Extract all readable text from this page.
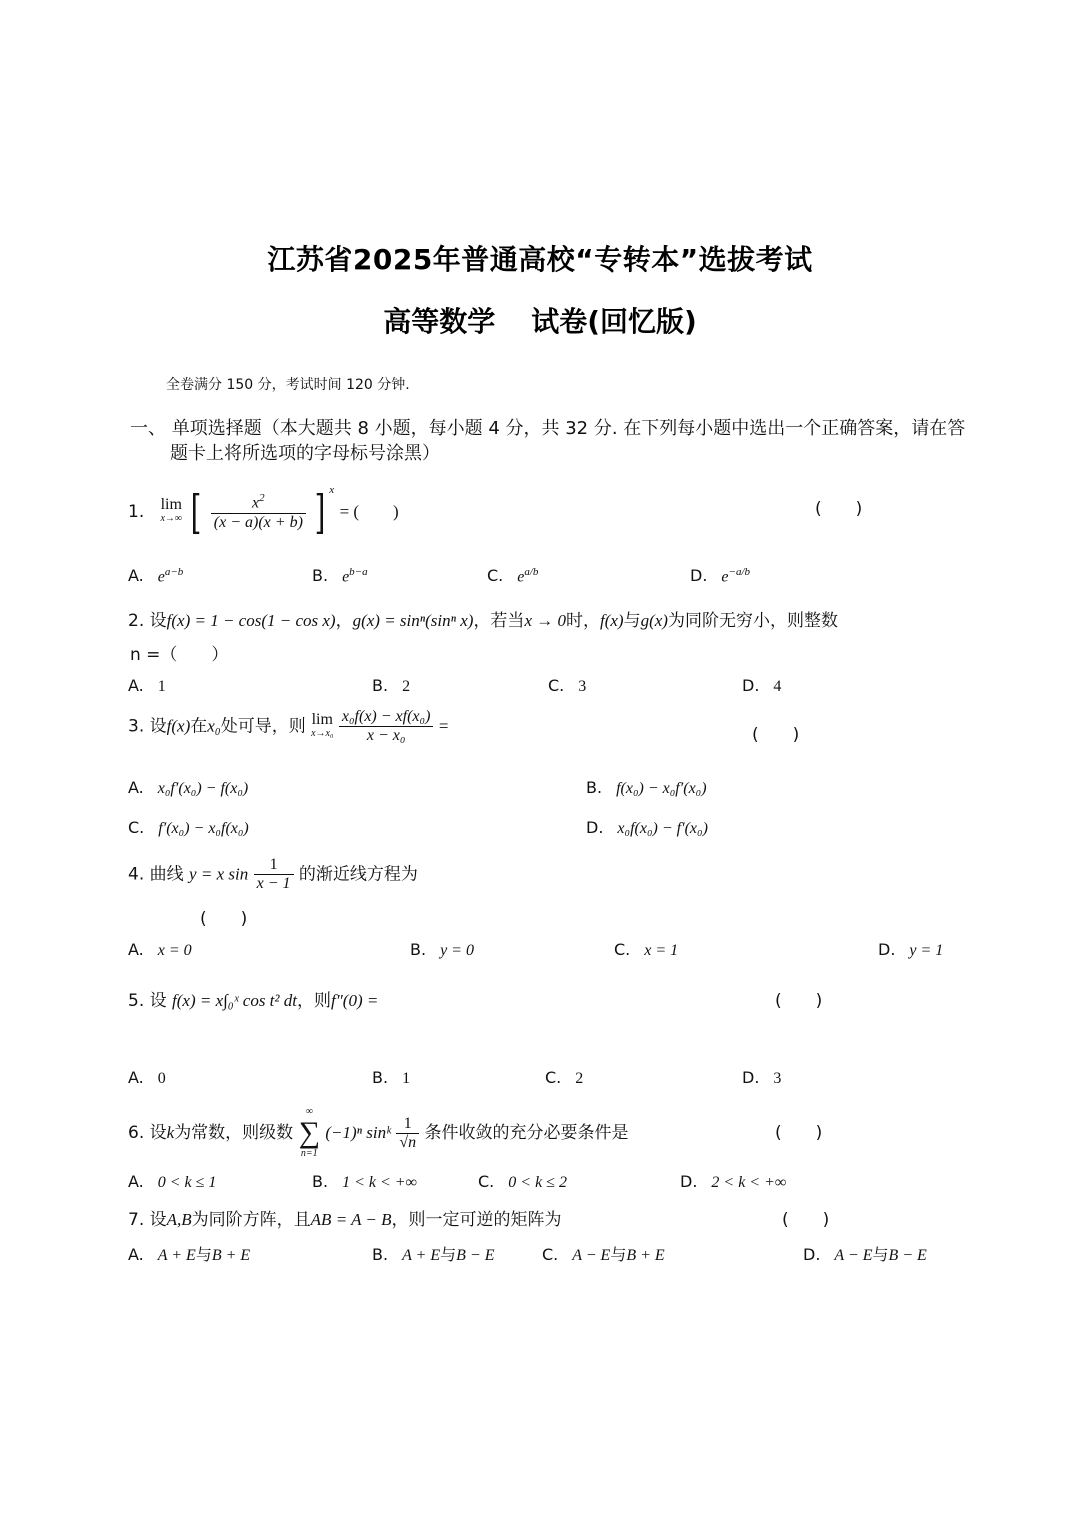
江苏省2025年普通高校“专转本”选拔考试
高等数学 试卷(回忆版)
全卷满分 150 分，考试时间 120 分钟.
一、 单项选择题（本大题共 8 小题，每小题 4 分，共 32 分. 在下列每小题中选出一个正确答案，请在答
题卡上将所选项的字母标号涂黑）
1. lim
x→∞ [ $\frac{x^2}{(x - a)(x + b)}$ ] $^x$ = (　　)	(　　)
A. $e^{a-b}$	B. $e^{b-a}$	C. $e^{a/b}$	D. $e^{-a/b}$
2. 设f(x) = 1 − cos(1 − cos x)，g(x) = sinⁿ(sinⁿ x)，若当x → 0时，f(x)与g(x)为同阶无穷小，则整数
n =（　　）
A. 1	B. 2	C. 3	D. 4
3. 设f(x)在x₀处可导，则 lim
x→x₀
$\frac{\text{x₀f(x) − xf(x₀)}}{\text{x − x₀}}$ =	(　　)
A. x₀f′(x₀) − f(x₀)	B. f(x₀) − x₀f′(x₀)
C. f′(x₀) − x₀f(x₀)	D. x₀f(x₀) − f′(x₀)
4. 曲线 y = x $\sin \frac{1}{x - 1}$ 的渐近线方程为
(　　)
A. x = 0	B. y = 0	C. x = 1	D. y = 1
5. 设 f(x) = x∫₀ˣ cos t² dt，则f″(0) =	(　　)
A. 0	B. 1	C. 2	D. 3
6. 设k为常数，则级数
∞
∑
n=1
(−1)ⁿ sinᵏ $\frac{1}{√n}$ 条件收敛的充分必要条件是	(　　)
A. 0 < k ≤ 1	B. 1 < k < +∞	C. 0 < k ≤ 2	D. 2 < k < +∞
7. 设A,B为同阶方阵，且AB = A − B，则一定可逆的矩阵为	(　　)
A. A + E与B + E	B. A + E与B − E	C. A − E与B + E	D. A − E与B − E
